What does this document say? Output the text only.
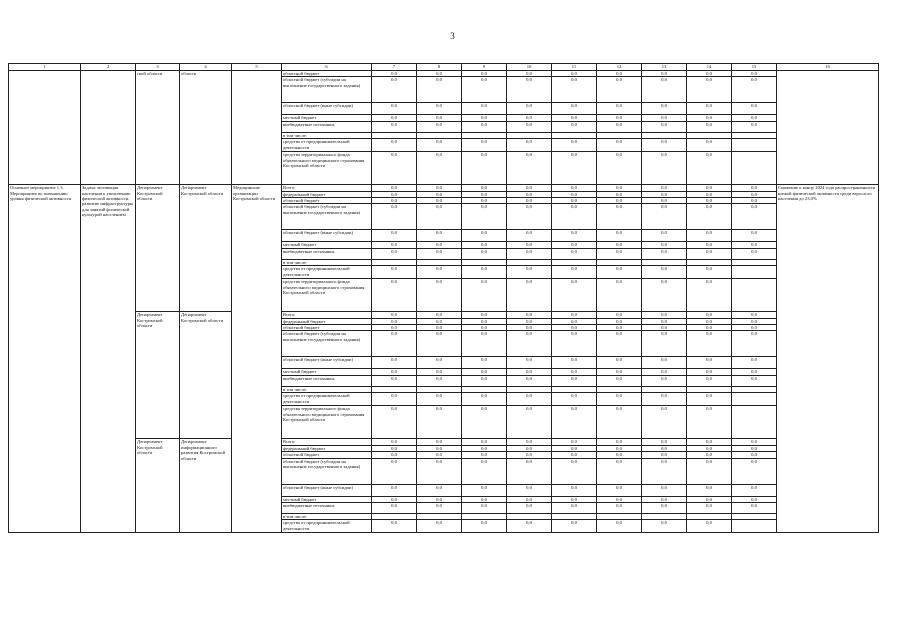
3
1	2	3	4	5	6	7	8	9	10	11	12	13	14	15	16
		ской области	области		областной бюджет	0,0	0,0	0,0	0,0	0,0	0,0	0,0	0,0	0,0	
					областной бюджет (субсидии на выполнение государственного задания)	0,0	0,0	0,0	0,0	0,0	0,0	0,0	0,0	0,0	
					областной бюджет (иные субсидии)	0,0	0,0	0,0	0,0	0,0	0,0	0,0	0,0	0,0	
					местный бюджет	0,0	0,0	0,0	0,0	0,0	0,0	0,0	0,0	0,0	
					внебюджетные источники,	0,0	0,0	0,0	0,0	0,0	0,0	0,0	0,0	0,0	
					в том числе:										
					средства от предпринимательской деятельности	0,0	0,0	0,0	0,0	0,0	0,0	0,0	0,0		
					средства территориального фонда обязательного медицинского страхования Костромской области	0,0	0,0	0,0	0,0	0,0	0,0	0,0	0,0		
Основное мероприятие 1.3. Мероприятия по повышению уровня физической активности	Задача: мотивация населения к увеличению физической активности, развитие инфраструктуры для занятий физической культурой населением	Департамент Костромской области	Департамент Костромской области	Медицинские организации Костромской области	Всего:	0,0	0,0	0,0	0,0	0,0	0,0	0,0	0,0	0,0	Снижение к концу 2024 года распространенности низкой физической активности среди взрослого населения до 23,0%
					федеральный бюджет	0,0	0,0	0,0	0,0	0,0	0,0	0,0	0,0	0,0	
					областной бюджет	0,0	0,0	0,0	0,0	0,0	0,0	0,0	0,0	0,0	
					областной бюджет (субсидии на выполнение государственного задания)	0,0	0,0	0,0	0,0	0,0	0,0	0,0	0,0	0,0	
					областной бюджет (иные субсидии)	0,0	0,0	0,0	0,0	0,0	0,0	0,0	0,0	0,0	
					местный бюджет	0,0	0,0	0,0	0,0	0,0	0,0	0,0	0,0	0,0	
					внебюджетные источники,	0,0	0,0	0,0	0,0	0,0	0,0	0,0	0,0	0,0	
					в том числе:										
					средства от предпринимательской деятельности	0,0	0,0	0,0	0,0	0,0	0,0	0,0	0,0		
					средства территориального фонда обязательного медицинского страхования Костромской области	0,0	0,0	0,0	0,0	0,0	0,0	0,0	0,0		
		Департамент Костромской области	Департамент Костромской области		Всего:	0,0	0,0	0,0	0,0	0,0	0,0	0,0	0,0	0,0	
					федеральный бюджет	0,0	0,0	0,0	0,0	0,0	0,0	0,0	0,0	0,0	
					областной бюджет	0,0	0,0	0,0	0,0	0,0	0,0	0,0	0,0	0,0	
					областной бюджет (субсидии на выполнение государственного задания)	0,0	0,0	0,0	0,0	0,0	0,0	0,0	0,0	0,0	
					областной бюджет (иные субсидии)	0,0	0,0	0,0	0,0	0,0	0,0	0,0	0,0	0,0	
					местный бюджет	0,0	0,0	0,0	0,0	0,0	0,0	0,0	0,0	0,0	
					внебюджетные источники,	0,0	0,0	0,0	0,0	0,0	0,0	0,0	0,0	0,0	
					в том числе:										
					средства от предпринимательской деятельности	0,0	0,0	0,0	0,0	0,0	0,0	0,0	0,0		
					средства территориального фонда обязательного медицинского страхования Костромской области	0,0	0,0	0,0	0,0	0,0	0,0	0,0	0,0		
		Департамент Костромской области	Департамент информационного развития Костромской области		Всего:	0,0	0,0	0,0	0,0	0,0	0,0	0,0	0,0	0,0	
					федеральный бюджет	0,0	0,0	0,0	0,0	0,0	0,0	0,0	0,0	0,0	
					областной бюджет	0,0	0,0	0,0	0,0	0,0	0,0	0,0	0,0	0,0	
					областной бюджет (субсидии на выполнение государственного задания)	0,0	0,0	0,0	0,0	0,0	0,0	0,0	0,0	0,0	
					областной бюджет (иные субсидии)	0,0	0,0	0,0	0,0	0,0	0,0	0,0	0,0	0,0	
					местный бюджет	0,0	0,0	0,0	0,0	0,0	0,0	0,0	0,0	0,0	
					внебюджетные источники,	0,0	0,0	0,0	0,0	0,0	0,0	0,0	0,0	0,0	
					в том числе:										
					средства от предпринимательской деятельности	0,0	0,0	0,0	0,0	0,0	0,0	0,0	0,0		
